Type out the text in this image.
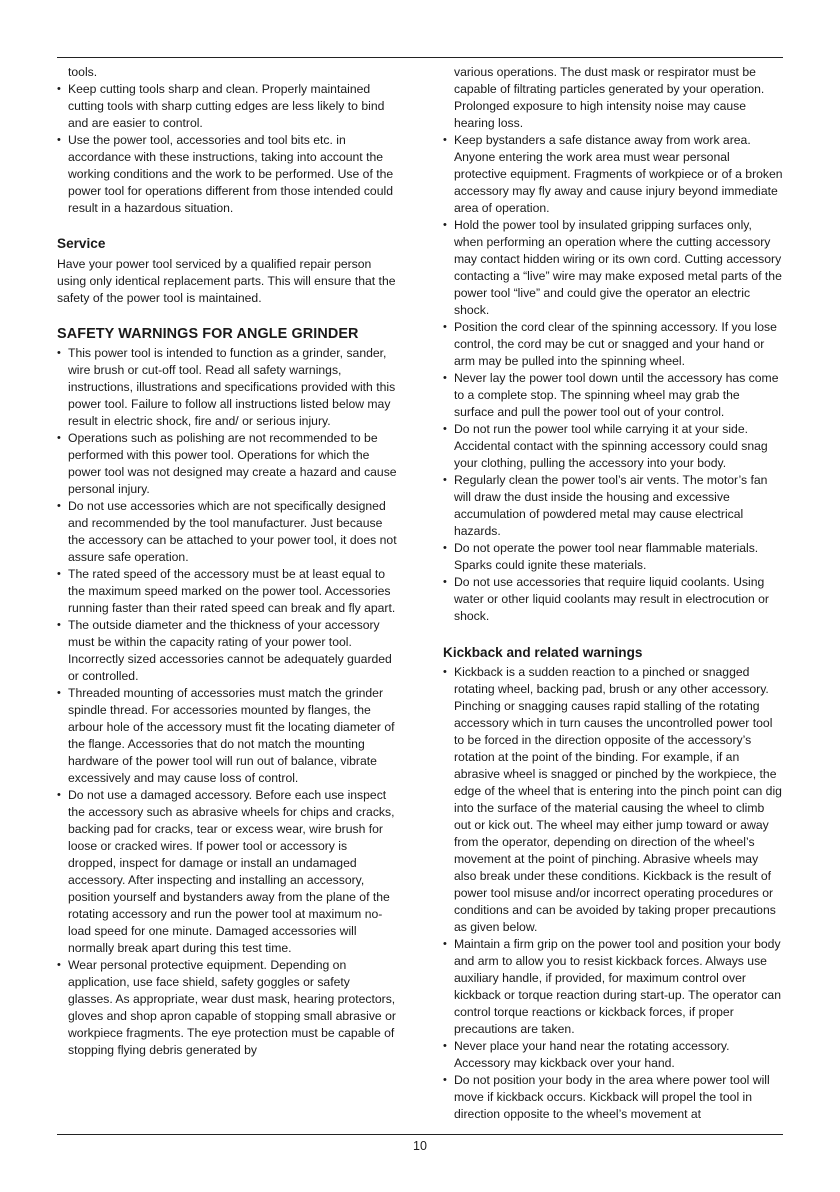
tools.

• Keep cutting tools sharp and clean. Properly maintained cutting tools with sharp cutting edges are less likely to bind and are easier to control.
• Use the power tool, accessories and tool bits etc. in accordance with these instructions, taking into account the working conditions and the work to be performed. Use of the power tool for operations different from those intended could result in a hazardous situation.
Service

Have your power tool serviced by a qualified repair person using only identical replacement parts. This will ensure that the safety of the power tool is maintained.

SAFETY WARNINGS FOR ANGLE GRINDER
• This power tool is intended to function as a grinder, sander, wire brush or cut-off tool. Read all safety warnings, instructions, illustrations and specifications provided with this power tool. Failure to follow all instructions listed below may result in electric shock, fire and/ or serious injury.
• Operations such as polishing are not recommended to be performed with this power tool. Operations for which the power tool was not designed may create a hazard and cause personal injury.
• Do not use accessories which are not specifically designed and recommended by the tool manufacturer. Just because the accessory can be attached to your power tool, it does not assure safe operation.
• The rated speed of the accessory must be at least equal to the maximum speed marked on the power tool. Accessories running faster than their rated speed can break and fly apart.
• The outside diameter and the thickness of your accessory must be within the capacity rating of your power tool. Incorrectly sized accessories cannot be adequately guarded or controlled.
• Threaded mounting of accessories must match the grinder spindle thread. For accessories mounted by flanges, the arbour hole of the accessory must fit the locating diameter of the flange. Accessories that do not match the mounting hardware of the power tool will run out of balance, vibrate excessively and may cause loss of control.
• Do not use a damaged accessory. Before each use inspect the accessory such as abrasive wheels for chips and cracks, backing pad for cracks, tear or excess wear, wire brush for loose or cracked wires. If power tool or accessory is dropped, inspect for damage or install an undamaged accessory. After inspecting and installing an accessory, position yourself and bystanders away from the plane of the rotating accessory and run the power tool at maximum no-load speed for one minute. Damaged accessories will normally break apart during this test time.
• Wear personal protective equipment. Depending on application, use face shield, safety goggles or safety glasses. As appropriate, wear dust mask, hearing protectors, gloves and shop apron capable of stopping small abrasive or workpiece fragments. The eye protection must be capable of stopping flying debris generated by

various operations. The dust mask or respirator must be capable of filtrating particles generated by your operation. Prolonged exposure to high intensity noise may cause hearing loss.

• Keep bystanders a safe distance away from work area. Anyone entering the work area must wear personal protective equipment. Fragments of workpiece or of a broken accessory may fly away and cause injury beyond immediate area of operation.
• Hold the power tool by insulated gripping surfaces only, when performing an operation where the cutting accessory may contact hidden wiring or its own cord. Cutting accessory contacting a “live” wire may make exposed metal parts of the power tool “live” and could give the operator an electric shock.
• Position the cord clear of the spinning accessory. If you lose control, the cord may be cut or snagged and your hand or arm may be pulled into the spinning wheel.
• Never lay the power tool down until the accessory has come to a complete stop. The spinning wheel may grab the surface and pull the power tool out of your control.
• Do not run the power tool while carrying it at your side. Accidental contact with the spinning accessory could snag your clothing, pulling the accessory into your body.
• Regularly clean the power tool’s air vents. The motor’s fan will draw the dust inside the housing and excessive accumulation of powdered metal may cause electrical hazards.
• Do not operate the power tool near flammable materials. Sparks could ignite these materials.
• Do not use accessories that require liquid coolants. Using water or other liquid coolants may result in electrocution or shock.
Kickback and related warnings
• Kickback is a sudden reaction to a pinched or snagged rotating wheel, backing pad, brush or any other accessory. Pinching or snagging causes rapid stalling of the rotating accessory which in turn causes the uncontrolled power tool to be forced in the direction opposite of the accessory’s rotation at the point of the binding. For example, if an abrasive wheel is snagged or pinched by the workpiece, the edge of the wheel that is entering into the pinch point can dig into the surface of the material causing the wheel to climb out or kick out. The wheel may either jump toward or away from the operator, depending on direction of the wheel’s movement at the point of pinching. Abrasive wheels may also break under these conditions. Kickback is the result of power tool misuse and/or incorrect operating procedures or conditions and can be avoided by taking proper precautions as given below.
• Maintain a firm grip on the power tool and position your body and arm to allow you to resist kickback forces. Always use auxiliary handle, if provided, for maximum control over kickback or torque reaction during start-up. The operator can control torque reactions or kickback forces, if proper precautions are taken.
• Never place your hand near the rotating accessory. Accessory may kickback over your hand.
• Do not position your body in the area where power tool will move if kickback occurs. Kickback will propel the tool in direction opposite to the wheel’s movement at
10
